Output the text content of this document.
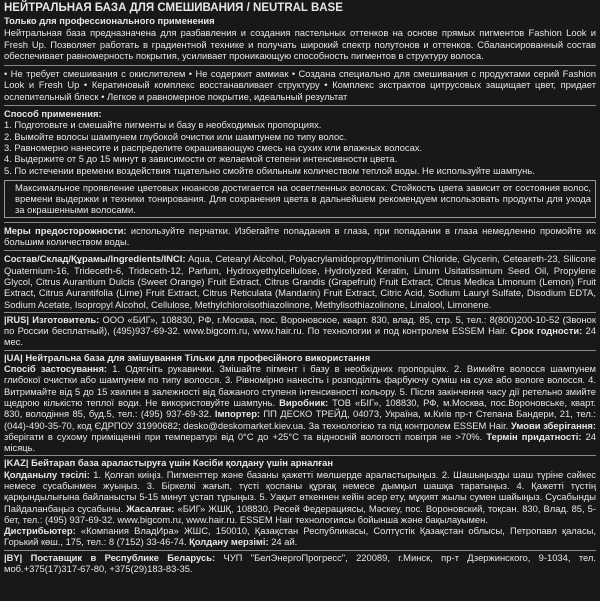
НЕЙТРАЛЬНАЯ БАЗА ДЛЯ СМЕШИВАНИЯ / NEUTRAL BASE
Только для профессионального применения

Нейтральная база предназначена для разбавления и создания пастельных оттенков на основе прямых пигментов Fashion Look и Fresh Up. Позволяет работать в градиентной технике и получать широкий спектр полутонов и оттенков. Сбалансированный состав обеспечивает равномерность покрытия, усиливает проникающую способность пигментов в структуру волоса.

• Не требует смешивания с окислителем • Не содержит аммиак • Создана специально для смешивания с продуктами серий Fashion Look и Fresh Up • Кератиновый комплекс восстанавливает структуру • Комплекс экстрактов цитрусовых защищает цвет, придает ослепительный блеск • Легкое и равномерное покрытие, идеальный результат

Способ применения:
1. Подготовьте и смешайте пигменты и базу в необходимых пропорциях.
2. Вымойте волосы шампунем глубокой очистки или шампунем по типу волос.
3. Равномерно нанесите и распределите окрашивающую смесь на сухих или влажных волосах.
4. Выдержите от 5 до 15 минут в зависимости от желаемой степени интенсивности цвета.
5. По истечении времени воздействия тщательно смойте обильным количеством теплой воды. Не используйте шампунь.

Максимальное проявление цветовых нюансов достигается на осветленных волосах. Стойкость цвета зависит от состояния волос, времени выдержки и техники тонирования. Для сохранения цвета в дальнейшем рекомендуем использовать продукты для ухода за окрашенными волосами.

Меры предосторожности: используйте перчатки. Избегайте попадания в глаза, при попадании в глаза немедленно промойте их большим количеством воды.

Состав/Склад/Құрамы/Ingredients/INCI: Aqua, Cetearyl Alcohol, Polyacrylamidopropyltrimonium Chloride, Glycerin, Ceteareth-23, Silicone Quaternium-16, Trideceth-6, Trideceth-12, Parfum, Hydroxyethylcellulose, Hydrolyzed Keratin, Linum Usitatissimum Seed Oil, Propylene Glycol, Citrus Aurantium Dulcis (Sweet Orange) Fruit Extract, Citrus Grandis (Grapefruit) Fruit Extract, Citrus Medica Limonum (Lemon) Fruit Extract, Citrus Aurantifolia (Lime) Fruit Extract, Citrus Reticulata (Mandarin) Fruit Extract, Citric Acid, Sodium Lauryl Sulfate, Disodium EDTA, Sodium Acetate, Isopropyl Alcohol, Cellulose, Methylchloroisothiazolinone, Methylisothiazolinone, Linalool, Limonene.

|RUS| Изготовитель: ООО «БИГ», 108830, РФ, г.Москва, пос. Вороновское, кварт. 830, влад. 85, стр. 5, тел.: 8(800)200-10-52 (Звонок по России бесплатный), (495)937-69-32. www.bigcom.ru, www.hair.ru. По технологии и под контролем ESSEM Hair. Срок годности: 24 мес.

|UA| Нейтральна база для змішування Тільки для професійного використання

Спосіб застосування: 1. Одягніть рукавички. Змішайте пігмент і базу в необхідних пропорціях. 2. Вимийте волосся шампунем глибокої очистки або шампунем по типу волосся. 3. Рівномірно нанесіть і розподіліть фарбуючу суміш на сухе або вологе волосся. 4. Витримайте від 5 до 15 хвилин в залежності від бажаного ступеня інтенсивності кольору. 5. Після закінчення часу дії ретельно змийте щедрою кількістю теплої води. Не використовуйте шампунь. Виробник: ТОВ «БІГ», 108830, РФ, м.Москва, пос.Вороновське, кварт. 830, володіння 85, буд.5, тел.: (495) 937-69-32. Імпортер: ПП ДЕСКО ТРЕЙД, 04073, Україна, м.Київ пр-т Степана Бандери, 21, тел.: (044)-490-35-70, код ЄДРПОУ 31990682; desko@deskomarket.kiev.ua. За технологією та під контролем ESSEM Hair. Умови зберігання: зберігати в сухому приміщенні при температурі від 0°C до +25°C та відносній вологості повітря не >70%. Термін придатності: 24 місяць.

|KAZ| Бейтарап база араластыруға үшін Кәсіби қолдану үшін арналған

Қолданылу тәсілі: 1. Қолғап киіңіз. Пигменттер және базаны қажетті мөлшерде араластырыңыз. 2. Шашыңызды шаш түріне сәйкес немесе сусабынмен жуыңыз. 3. Біркелкі жағып, түсті қоспаны құрғақ немесе дымқыл шашқа таратыңыз. 4. Қажетті түстің қарқындылығына байланысты 5-15 минут ұстап тұрыңыз. 5. Уақыт өткеннен кейін әсер ету, мұқият жылы сумен шайыңыз. Сусабынды Пайдаланбаңыз сусабыны. Жасалған: «БИГ» ЖШҚ, 108830, Ресей Федерациясы, Мәскеу, пос. Вороновский, тоқсан. 830, Влад. 85, 5-бет, тел.: (495) 937-69-32. www.bigcom.ru, www.hair.ru. ESSEM Hair технологиясы бойынша және бақылауымен.

Дистрибьютер: «Компания ВладИра» ЖШС, 150010, Қазақстан Республикасы, Солтүстік Қазақстан облысы, Петропавл қаласы, Горький көш., 175, тел.: 8 (7152) 33-46-74. Қолдану мерзімі: 24 ай.

|BY| Поставщик в Республике Беларусь: ЧУП "БелЭнергоПрогресс", 220089, г.Минск, пр-т Дзержинского, 9-1034, тел. моб.+375(17)317-67-80, +375(29)183-83-35.
